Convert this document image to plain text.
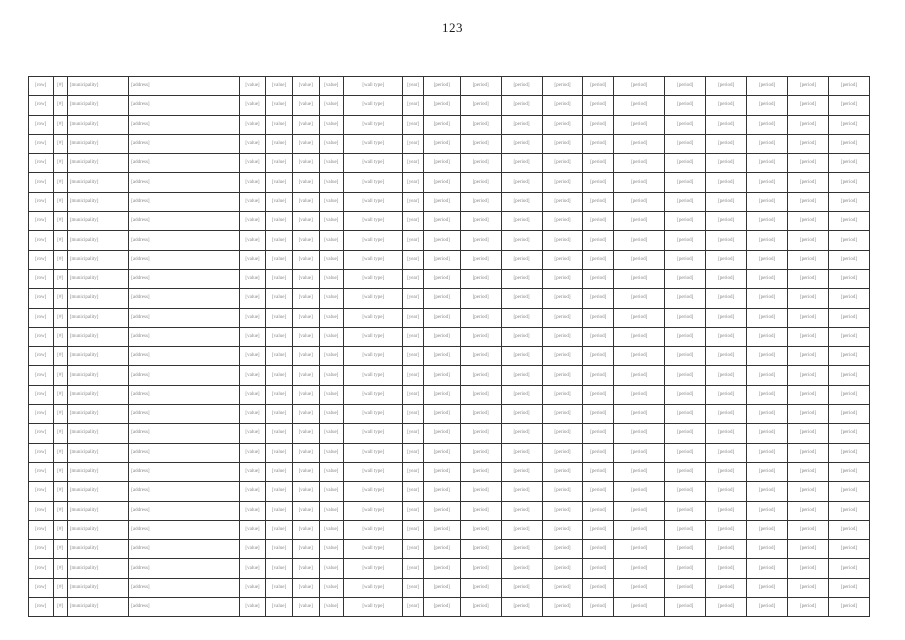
123
[row]	[#]	[municipality]	[address]	[value]	[value]	[value]	[value]	[wall type]	[year]	[period]	[period]	[period]	[period]	[period]	[period]	[period]	[period]	[period]	[period]	[period]
[row]	[#]	[municipality]	[address]	[value]	[value]	[value]	[value]	[wall type]	[year]	[period]	[period]	[period]	[period]	[period]	[period]	[period]	[period]	[period]	[period]	[period]
[row]	[#]	[municipality]	[address]	[value]	[value]	[value]	[value]	[wall type]	[year]	[period]	[period]	[period]	[period]	[period]	[period]	[period]	[period]	[period]	[period]	[period]
[row]	[#]	[municipality]	[address]	[value]	[value]	[value]	[value]	[wall type]	[year]	[period]	[period]	[period]	[period]	[period]	[period]	[period]	[period]	[period]	[period]	[period]
[row]	[#]	[municipality]	[address]	[value]	[value]	[value]	[value]	[wall type]	[year]	[period]	[period]	[period]	[period]	[period]	[period]	[period]	[period]	[period]	[period]	[period]
[row]	[#]	[municipality]	[address]	[value]	[value]	[value]	[value]	[wall type]	[year]	[period]	[period]	[period]	[period]	[period]	[period]	[period]	[period]	[period]	[period]	[period]
[row]	[#]	[municipality]	[address]	[value]	[value]	[value]	[value]	[wall type]	[year]	[period]	[period]	[period]	[period]	[period]	[period]	[period]	[period]	[period]	[period]	[period]
[row]	[#]	[municipality]	[address]	[value]	[value]	[value]	[value]	[wall type]	[year]	[period]	[period]	[period]	[period]	[period]	[period]	[period]	[period]	[period]	[period]	[period]
[row]	[#]	[municipality]	[address]	[value]	[value]	[value]	[value]	[wall type]	[year]	[period]	[period]	[period]	[period]	[period]	[period]	[period]	[period]	[period]	[period]	[period]
[row]	[#]	[municipality]	[address]	[value]	[value]	[value]	[value]	[wall type]	[year]	[period]	[period]	[period]	[period]	[period]	[period]	[period]	[period]	[period]	[period]	[period]
[row]	[#]	[municipality]	[address]	[value]	[value]	[value]	[value]	[wall type]	[year]	[period]	[period]	[period]	[period]	[period]	[period]	[period]	[period]	[period]	[period]	[period]
[row]	[#]	[municipality]	[address]	[value]	[value]	[value]	[value]	[wall type]	[year]	[period]	[period]	[period]	[period]	[period]	[period]	[period]	[period]	[period]	[period]	[period]
[row]	[#]	[municipality]	[address]	[value]	[value]	[value]	[value]	[wall type]	[year]	[period]	[period]	[period]	[period]	[period]	[period]	[period]	[period]	[period]	[period]	[period]
[row]	[#]	[municipality]	[address]	[value]	[value]	[value]	[value]	[wall type]	[year]	[period]	[period]	[period]	[period]	[period]	[period]	[period]	[period]	[period]	[period]	[period]
[row]	[#]	[municipality]	[address]	[value]	[value]	[value]	[value]	[wall type]	[year]	[period]	[period]	[period]	[period]	[period]	[period]	[period]	[period]	[period]	[period]	[period]
[row]	[#]	[municipality]	[address]	[value]	[value]	[value]	[value]	[wall type]	[year]	[period]	[period]	[period]	[period]	[period]	[period]	[period]	[period]	[period]	[period]	[period]
[row]	[#]	[municipality]	[address]	[value]	[value]	[value]	[value]	[wall type]	[year]	[period]	[period]	[period]	[period]	[period]	[period]	[period]	[period]	[period]	[period]	[period]
[row]	[#]	[municipality]	[address]	[value]	[value]	[value]	[value]	[wall type]	[year]	[period]	[period]	[period]	[period]	[period]	[period]	[period]	[period]	[period]	[period]	[period]
[row]	[#]	[municipality]	[address]	[value]	[value]	[value]	[value]	[wall type]	[year]	[period]	[period]	[period]	[period]	[period]	[period]	[period]	[period]	[period]	[period]	[period]
[row]	[#]	[municipality]	[address]	[value]	[value]	[value]	[value]	[wall type]	[year]	[period]	[period]	[period]	[period]	[period]	[period]	[period]	[period]	[period]	[period]	[period]
[row]	[#]	[municipality]	[address]	[value]	[value]	[value]	[value]	[wall type]	[year]	[period]	[period]	[period]	[period]	[period]	[period]	[period]	[period]	[period]	[period]	[period]
[row]	[#]	[municipality]	[address]	[value]	[value]	[value]	[value]	[wall type]	[year]	[period]	[period]	[period]	[period]	[period]	[period]	[period]	[period]	[period]	[period]	[period]
[row]	[#]	[municipality]	[address]	[value]	[value]	[value]	[value]	[wall type]	[year]	[period]	[period]	[period]	[period]	[period]	[period]	[period]	[period]	[period]	[period]	[period]
[row]	[#]	[municipality]	[address]	[value]	[value]	[value]	[value]	[wall type]	[year]	[period]	[period]	[period]	[period]	[period]	[period]	[period]	[period]	[period]	[period]	[period]
[row]	[#]	[municipality]	[address]	[value]	[value]	[value]	[value]	[wall type]	[year]	[period]	[period]	[period]	[period]	[period]	[period]	[period]	[period]	[period]	[period]	[period]
[row]	[#]	[municipality]	[address]	[value]	[value]	[value]	[value]	[wall type]	[year]	[period]	[period]	[period]	[period]	[period]	[period]	[period]	[period]	[period]	[period]	[period]
[row]	[#]	[municipality]	[address]	[value]	[value]	[value]	[value]	[wall type]	[year]	[period]	[period]	[period]	[period]	[period]	[period]	[period]	[period]	[period]	[period]	[period]
[row]	[#]	[municipality]	[address]	[value]	[value]	[value]	[value]	[wall type]	[year]	[period]	[period]	[period]	[period]	[period]	[period]	[period]	[period]	[period]	[period]	[period]
